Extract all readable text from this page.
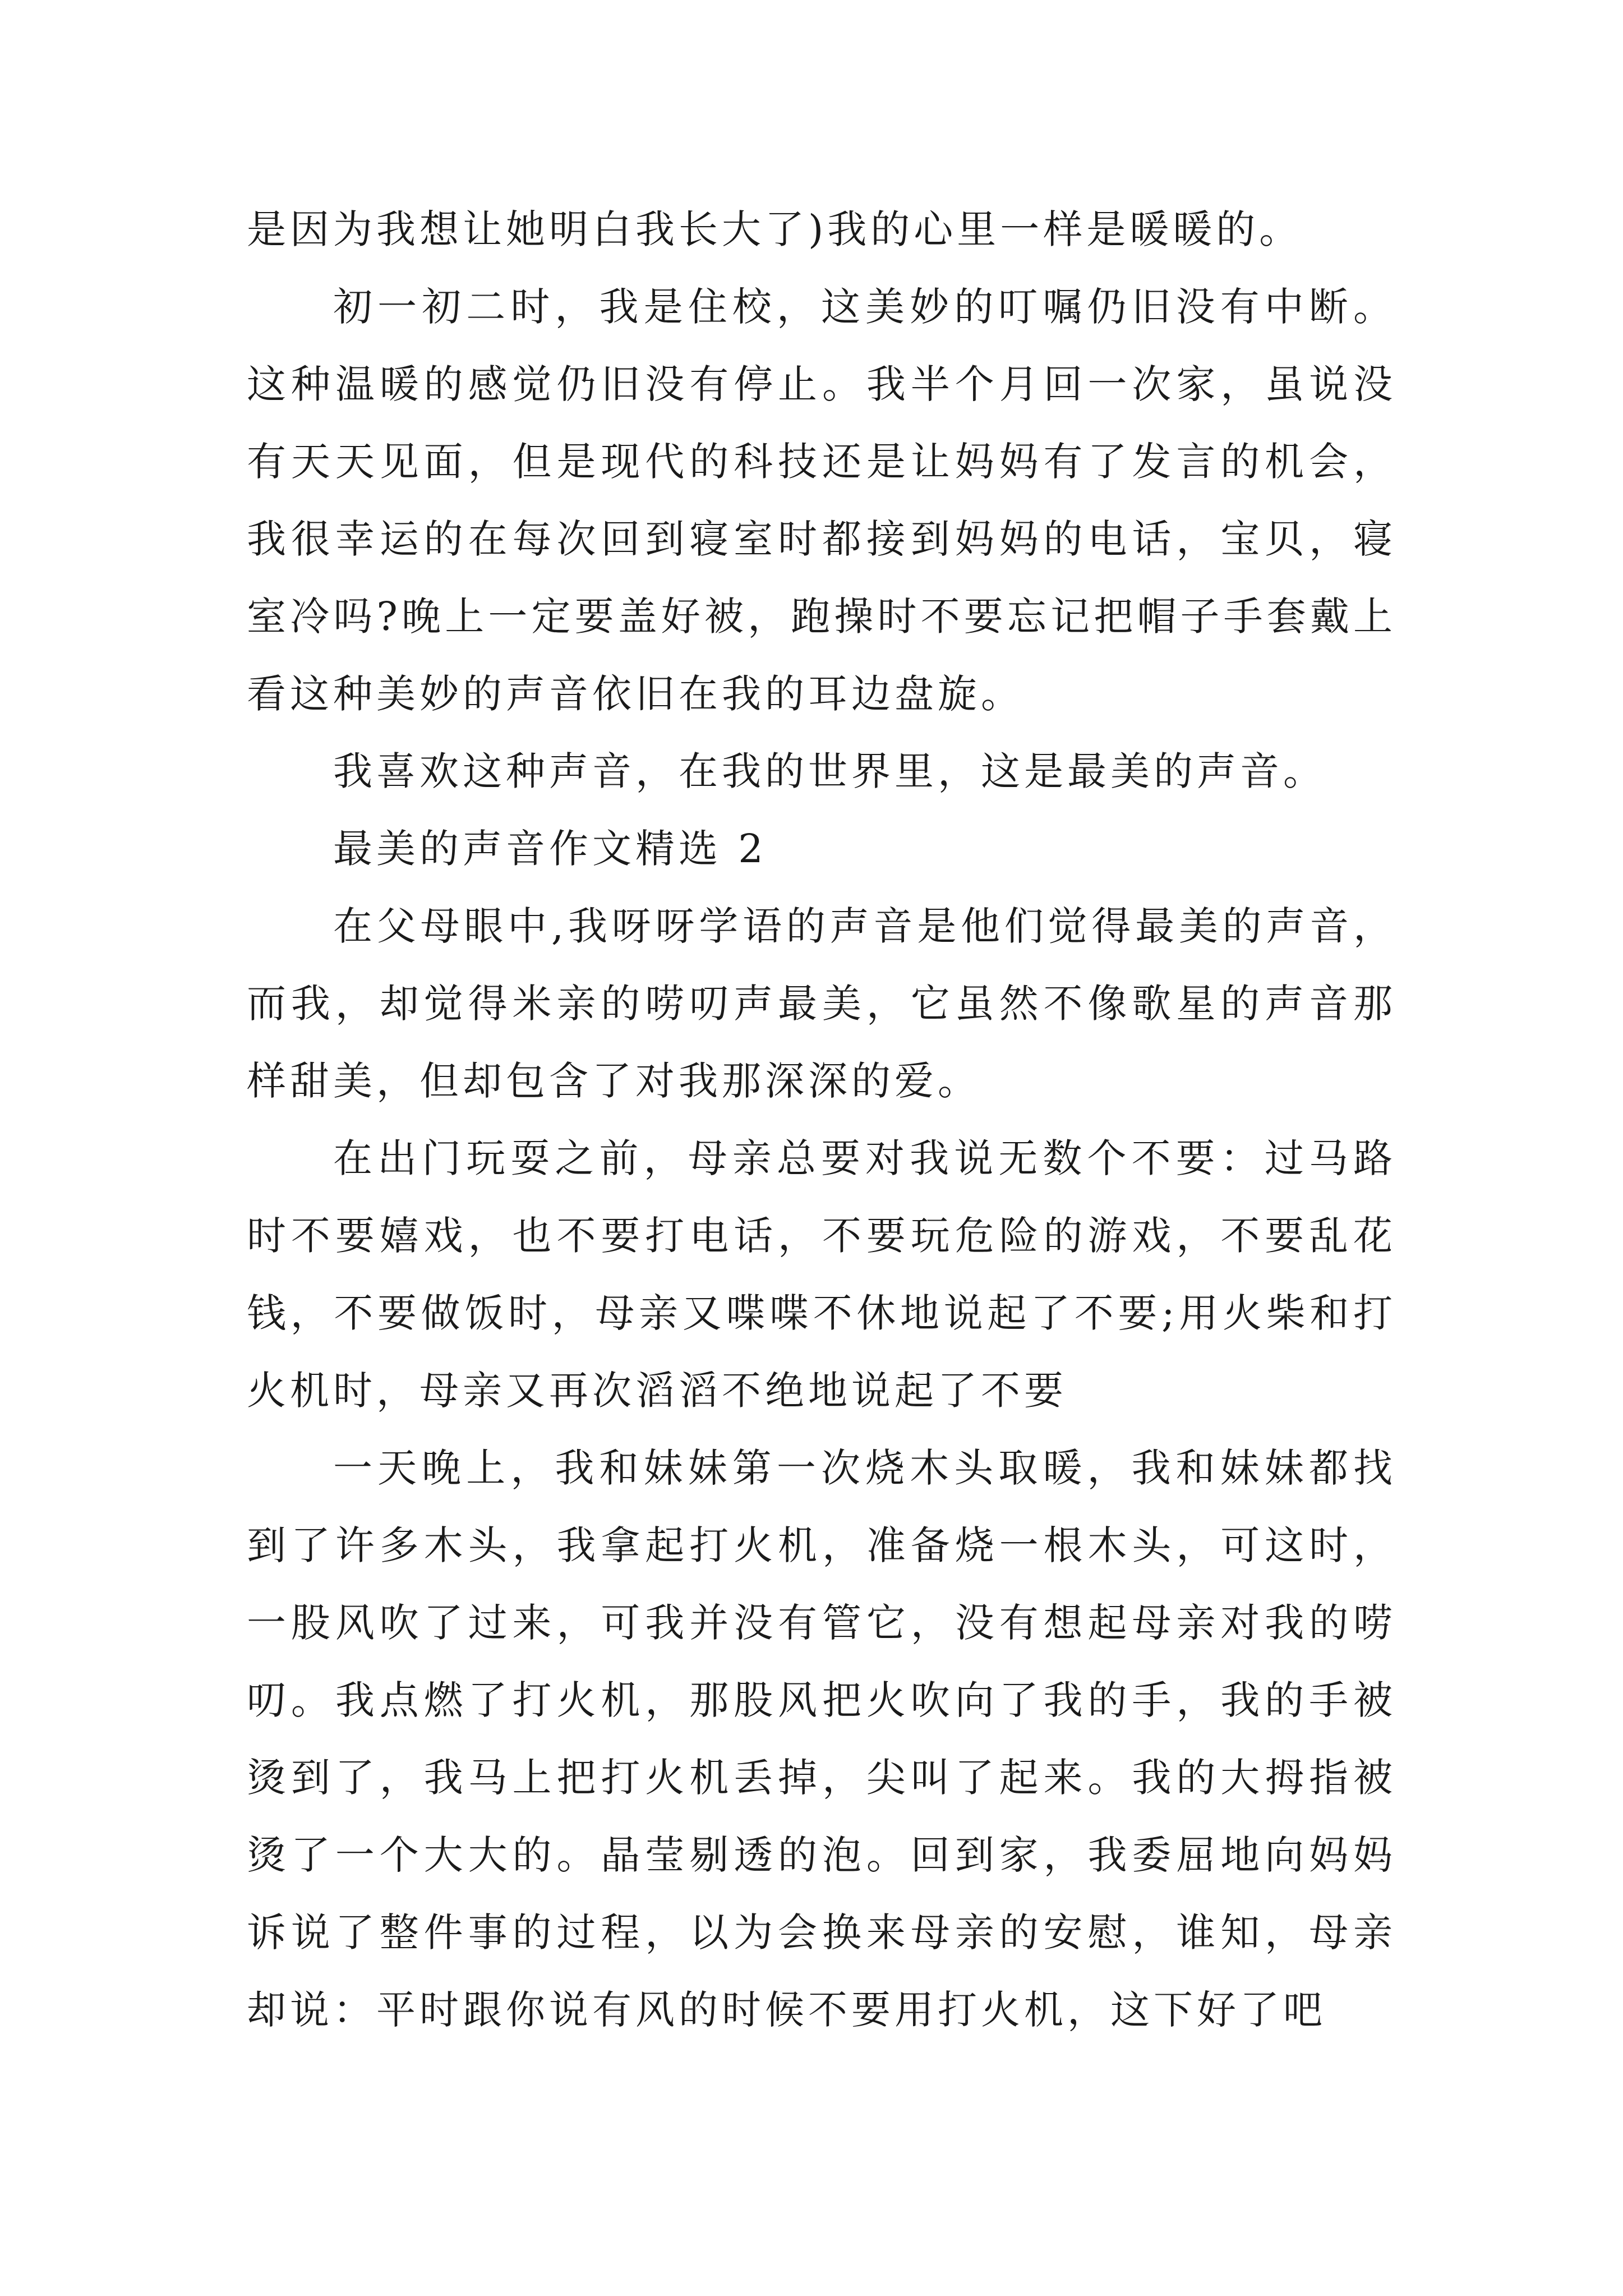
是因为我想让她明白我长大了)我的心里一样是暖暖的。

初一初二时，我是住校，这美妙的叮嘱仍旧没有中断。这种温暖的感觉仍旧没有停止。我半个月回一次家，虽说没有天天见面，但是现代的科技还是让妈妈有了发言的机会，我很幸运的在每次回到寝室时都接到妈妈的电话，宝贝，寝室冷吗?晚上一定要盖好被，跑操时不要忘记把帽子手套戴上看这种美妙的声音依旧在我的耳边盘旋。

我喜欢这种声音，在我的世界里，这是最美的声音。

最美的声音作文精选 2

在父母眼中,我呀呀学语的声音是他们觉得最美的声音，而我，却觉得米亲的唠叨声最美，它虽然不像歌星的声音那样甜美，但却包含了对我那深深的爱。

在出门玩耍之前，母亲总要对我说无数个不要：过马路时不要嬉戏，也不要打电话，不要玩危险的游戏，不要乱花钱，不要做饭时，母亲又喋喋不休地说起了不要;用火柴和打火机时，母亲又再次滔滔不绝地说起了不要

一天晚上，我和妹妹第一次烧木头取暖，我和妹妹都找到了许多木头，我拿起打火机，准备烧一根木头，可这时，一股风吹了过来，可我并没有管它，没有想起母亲对我的唠叨。我点燃了打火机，那股风把火吹向了我的手，我的手被烫到了，我马上把打火机丢掉，尖叫了起来。我的大拇指被烫了一个大大的。晶莹剔透的泡。回到家，我委屈地向妈妈诉说了整件事的过程，以为会换来母亲的安慰，谁知，母亲却说：平时跟你说有风的时候不要用打火机，这下好了吧
